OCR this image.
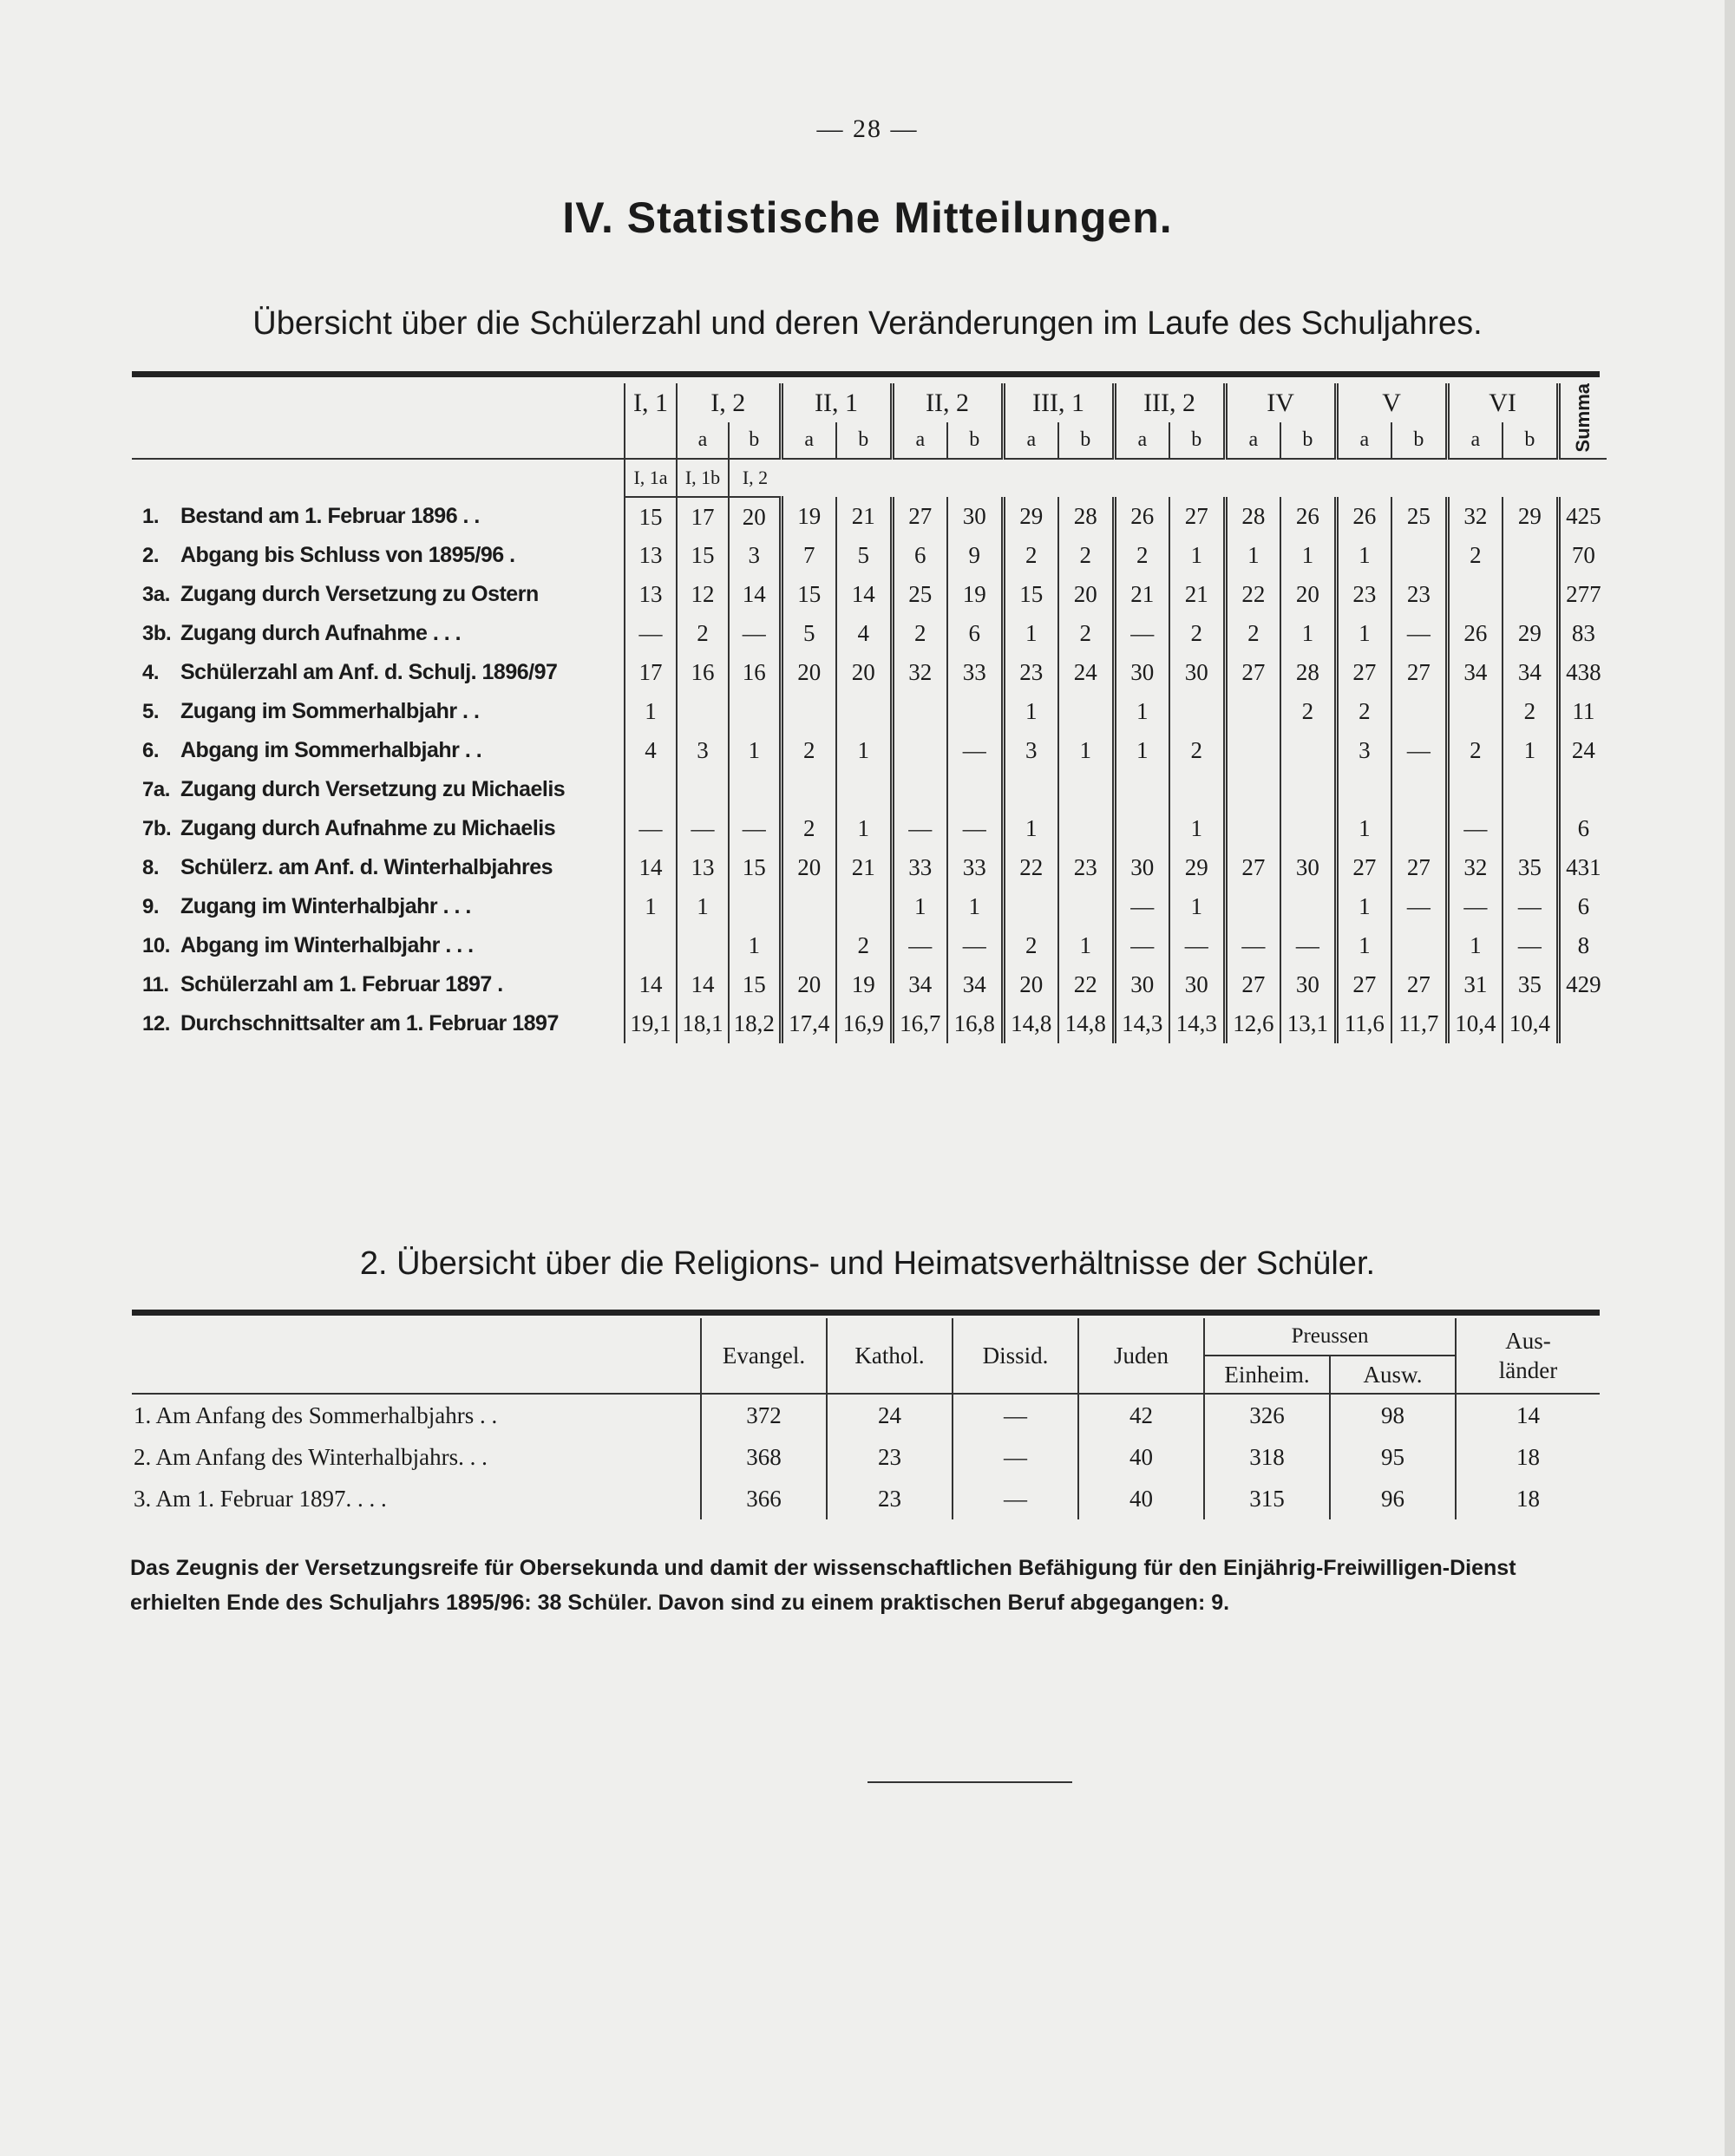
— 28 —
IV. Statistische Mitteilungen.
Übersicht über die Schülerzahl und deren Veränderungen im Laufe des Schuljahres.
		I, 1	I, 2		II, 1		II, 2		III, 1		III, 2		IV		V		VI		Summa
			a	b	a	b	a	b	a	b	a	b	a	b	a	b	a	b	
		I, 1a	I, 1b	I, 2															
1.	Bestand am 1. Februar 1896 . .	15	17	20	19	21	27	30	29	28	26	27	28	26	26	25	32	29	425
2.	Abgang bis Schluss von 1895/96 .	13	15	3	7	5	6	9	2	2	2	1	1	1	1		2		70
3a.	Zugang durch Versetzung zu Ostern	13	12	14	15	14	25	19	15	20	21	21	22	20	23	23			277
3b.	Zugang durch Aufnahme . . .	—	2	—	5	4	2	6	1	2	—	2	2	1	1	—	26	29	83
4.	Schülerzahl am Anf. d. Schulj. 1896/97	17	16	16	20	20	32	33	23	24	30	30	27	28	27	27	34	34	438
5.	Zugang im Sommerhalbjahr . .	1							1		1			2	2			2	11
6.	Abgang im Sommerhalbjahr . .	4	3	1	2	1		—	3	1	1	2			3	—	2	1	24
7a.	Zugang durch Versetzung zu Michaelis																		
7b.	Zugang durch Aufnahme zu Michaelis	—	—	—	2	1	—	—	1			1			1		—		6
8.	Schülerz. am Anf. d. Winterhalbjahres	14	13	15	20	21	33	33	22	23	30	29	27	30	27	27	32	35	431
9.	Zugang im Winterhalbjahr . . .	1	1				1	1			—	1			1	—	—	—	6
10.	Abgang im Winterhalbjahr . . .			1		2	—	—	2	1	—	—	—	—	1		1	—	8
11.	Schülerzahl am 1. Februar 1897 .	14	14	15	20	19	34	34	20	22	30	30	27	30	27	27	31	35	429
12.	Durchschnittsalter am 1. Februar 1897	19,1	18,1	18,2	17,4	16,9	16,7	16,8	14,8	14,8	14,3	14,3	12,6	13,1	11,6	11,7	10,4	10,4	
2. Übersicht über die Religions- und Heimatsverhältnisse der Schüler.
	Evangel.	Kathol.	Dissid.	Juden	Preussen		Aus-
länder
					Einheim.	Ausw.	
1. Am Anfang des Sommerhalbjahrs . .	372	24	—	42	326	98	14
2. Am Anfang des Winterhalbjahrs. . .	368	23	—	40	318	95	18
3. Am 1. Februar 1897. . . .	366	23	—	40	315	96	18
Das Zeugnis der Versetzungsreife für Obersekunda und damit der wissenschaftlichen Befähigung für den Einjährig-Freiwilligen-Dienst erhielten Ende des Schuljahrs 1895/96: 38 Schüler. Davon sind zu einem praktischen Beruf abgegangen: 9.
